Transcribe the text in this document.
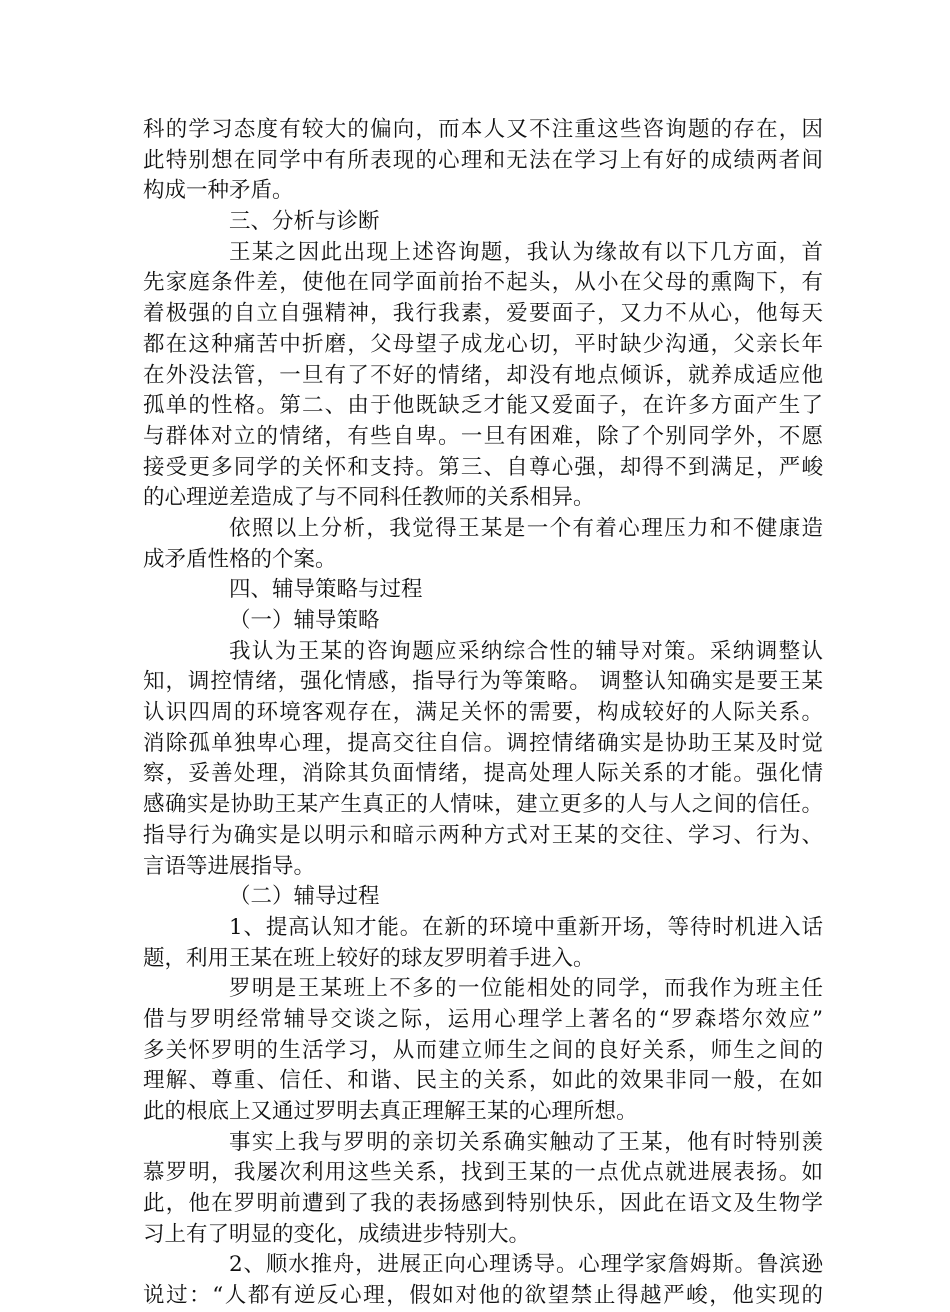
科的学习态度有较大的偏向，而本人又不注重这些咨询题的存在，因
此特别想在同学中有所表现的心理和无法在学习上有好的成绩两者间
构成一种矛盾。
三、分析与诊断
王某之因此出现上述咨询题，我认为缘故有以下几方面，首
先家庭条件差，使他在同学面前抬不起头，从小在父母的熏陶下，有
着极强的自立自强精神，我行我素，爱要面子，又力不从心，他每天
都在这种痛苦中折磨，父母望子成龙心切，平时缺少沟通，父亲长年
在外没法管，一旦有了不好的情绪，却没有地点倾诉，就养成适应他
孤单的性格。第二、由于他既缺乏才能又爱面子，在许多方面产生了
与群体对立的情绪，有些自卑。一旦有困难，除了个别同学外，不愿
接受更多同学的关怀和支持。第三、自尊心强，却得不到满足，严峻
的心理逆差造成了与不同科任教师的关系相异。
依照以上分析，我觉得王某是一个有着心理压力和不健康造
成矛盾性格的个案。
四、辅导策略与过程
（一）辅导策略
我认为王某的咨询题应采纳综合性的辅导对策。采纳调整认
知，调控情绪，强化情感，指导行为等策略。 调整认知确实是要王某
认识四周的环境客观存在，满足关怀的需要，构成较好的人际关系。
消除孤单独卑心理，提高交往自信。调控情绪确实是协助王某及时觉
察，妥善处理，消除其负面情绪，提高处理人际关系的才能。强化情
感确实是协助王某产生真正的人情味，建立更多的人与人之间的信任。
指导行为确实是以明示和暗示两种方式对王某的交往、学习、行为、
言语等进展指导。
（二）辅导过程
1、提高认知才能。在新的环境中重新开场，等待时机进入话
题，利用王某在班上较好的球友罗明着手进入。
罗明是王某班上不多的一位能相处的同学，而我作为班主任
借与罗明经常辅导交谈之际，运用心理学上著名的“罗森塔尔效应”
多关怀罗明的生活学习，从而建立师生之间的良好关系，师生之间的
理解、尊重、信任、和谐、民主的关系，如此的效果非同一般，在如
此的根底上又通过罗明去真正理解王某的心理所想。
事实上我与罗明的亲切关系确实触动了王某，他有时特别羡
慕罗明，我屡次利用这些关系，找到王某的一点优点就进展表扬。如
此，他在罗明前遭到了我的表扬感到特别快乐，因此在语文及生物学
习上有了明显的变化，成绩进步特别大。
2、顺水推舟，进展正向心理诱导。心理学家詹姆斯。鲁滨逊
说过：“人都有逆反心理，假如对他的欲望禁止得越严峻，他实现的
